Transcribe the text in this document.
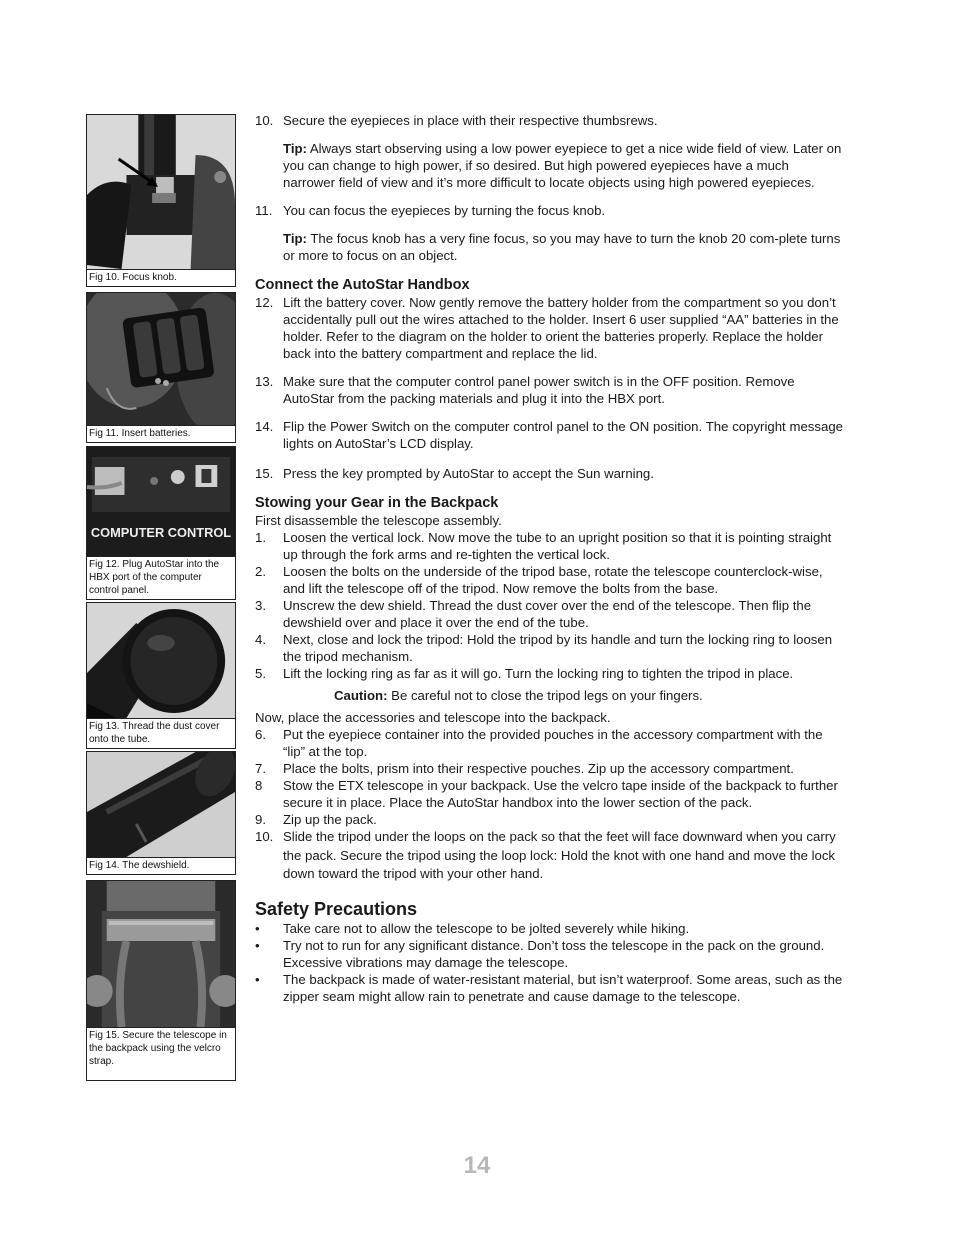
Fig 10. Focus knob.
Fig 11. Insert batteries.
COMPUTER CONTROL
Fig 12. Plug AutoStar into the HBX port of the computer control panel.
Fig 13. Thread the dust cover onto the tube.
Fig 14. The dewshield.
Fig 15. Secure the telescope in the backpack using the velcro strap.
10. Secure the eyepieces in place with their respective thumbsrews.
Tip: Always start observing using a low power eyepiece to get a nice wide field of view. Later on you can change to high power, if so desired. But high powered eyepieces have a much narrower field of view and it’s more difficult to locate objects using high powered eyepieces.
11. You can focus the eyepieces by turning the focus knob.
Tip: The focus knob has a very fine focus, so you may have to turn the knob 20 com-plete turns or more to focus on an object.
Connect the AutoStar Handbox
12. Lift the battery cover. Now gently remove the battery holder from the compartment so you don’t accidentally pull out the wires attached to the holder. Insert 6 user supplied “AA” batteries in the holder. Refer to the diagram on the holder to orient the batteries properly. Replace the holder back into the battery compartment and replace the lid.
13. Make sure that the computer control panel power switch is in the OFF position. Remove AutoStar from the packing materials and plug it into the HBX port.
14. Flip the Power Switch on the computer control panel to the ON position. The copyright message lights on AutoStar’s LCD display.
15. Press the key prompted by AutoStar to accept the Sun warning.
Stowing your Gear in the Backpack
First disassemble the telescope assembly.
1. Loosen the vertical lock. Now move the tube to an upright position so that it is pointing straight up through the fork arms and re-tighten the vertical lock.
2. Loosen the bolts on the underside of the tripod base, rotate the telescope counterclock-wise, and lift the telescope off of the tripod. Now remove the bolts from the base.
3. Unscrew the dew shield. Thread the dust cover over the end of the telescope. Then flip the dewshield over and place it over the end of the tube.
4. Next, close and lock the tripod: Hold the tripod by its handle and turn the locking ring to loosen the tripod mechanism.
5. Lift the locking ring as far as it will go. Turn the locking ring to tighten the tripod in place.
Caution: Be careful not to close the tripod legs on your fingers.
Now, place the accessories and telescope into the backpack.
6. Put the eyepiece container into the provided pouches in the accessory compartment with the “lip” at the top.
7. Place the bolts, prism into their respective pouches. Zip up the accessory compartment.
8 Stow the ETX telescope in your backpack. Use the velcro tape inside of the backpack to further secure it in place. Place the AutoStar handbox into the lower section of the pack.
9. Zip up the pack.
10. Slide the tripod under the loops on the pack so that the feet will face downward when you carry the pack. Secure the tripod using the loop lock: Hold the knot with one hand and move the lock down toward the tripod with your other hand.
Safety Precautions
• Take care not to allow the telescope to be jolted severely while hiking.
• Try not to run for any significant distance. Don’t toss the telescope in the pack on the ground. Excessive vibrations may damage the telescope.
• The backpack is made of water-resistant material, but isn’t waterproof. Some areas, such as the zipper seam might allow rain to penetrate and cause damage to the telescope.
14
